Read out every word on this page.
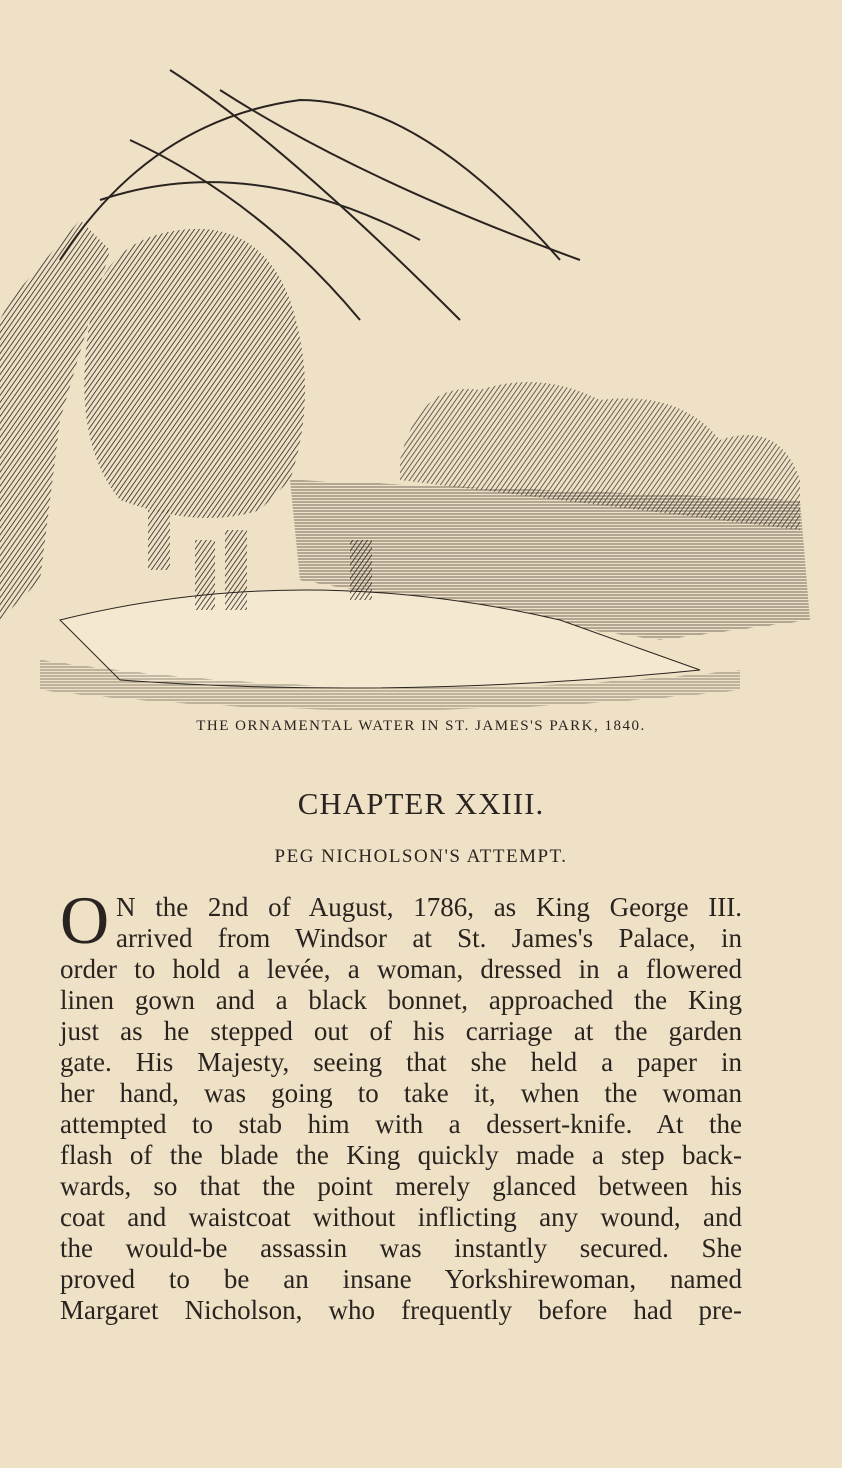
THE ORNAMENTAL WATER IN ST. JAMES'S PARK, 1840.
CHAPTER XXIII.
PEG NICHOLSON'S ATTEMPT.
O N the 2nd of August, 1786, as King George III.
arrived from Windsor at St. James's Palace, in
order to hold a levée, a woman, dressed in a flowered
linen gown and a black bonnet, approached the King
just as he stepped out of his carriage at the garden
gate. His Majesty, seeing that she held a paper in
her hand, was going to take it, when the woman
attempted to stab him with a dessert-knife. At the
flash of the blade the King quickly made a step back-
wards, so that the point merely glanced between his
coat and waistcoat without inflicting any wound, and
the would-be assassin was instantly secured. She
proved to be an insane Yorkshirewoman, named
Margaret Nicholson, who frequently before had pre-
